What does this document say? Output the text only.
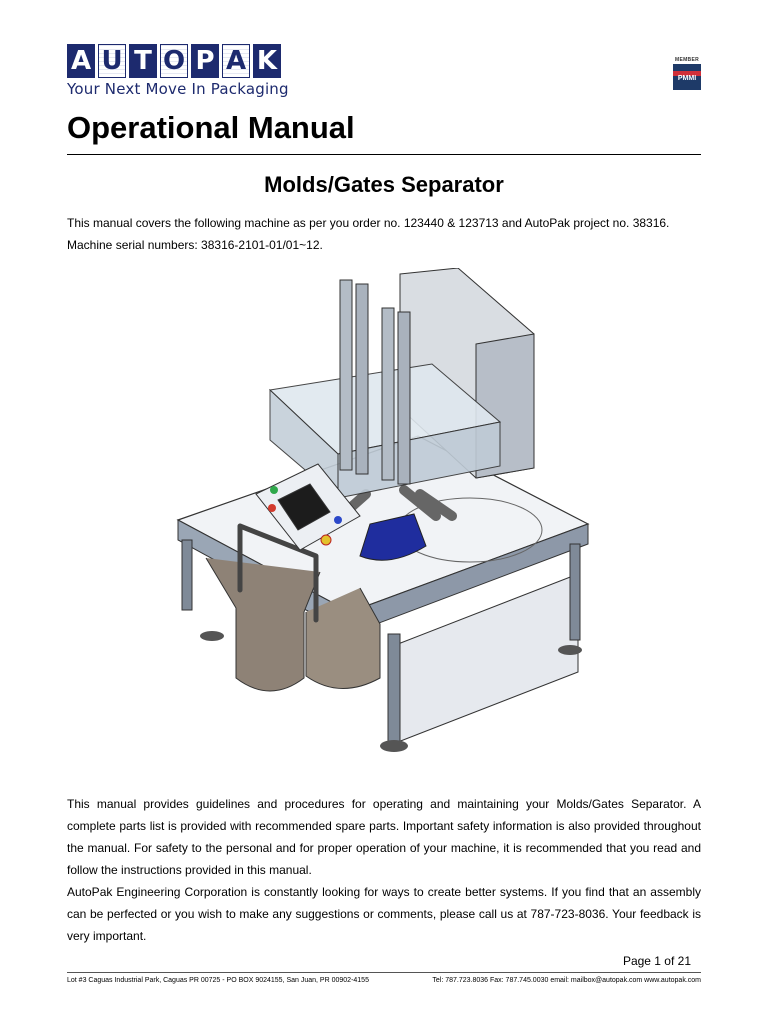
A U T O P A K
Your Next Move In Packaging
MEMBER
PMMI
Operational Manual
Molds/Gates Separator

This manual covers the following machine as per you order no. 123440 & 123713 and AutoPak project no. 38316.

Machine serial numbers: 38316-2101-01/01~12.

This manual provides guidelines and procedures for operating and maintaining your Molds/Gates Separator. A complete parts list is provided with recommended spare parts. Important safety information is also provided throughout the manual. For safety to the personal and for proper operation of your machine, it is recommended that you read and follow the instructions provided in this manual.

AutoPak Engineering Corporation is constantly looking for ways to create better systems. If you find that an assembly can be perfected or you wish to make any suggestions or comments, please call us at 787-723-8036. Your feedback is very important.

Page 1 of 21
Lot #3 Caguas Industrial Park, Caguas PR 00725 - PO BOX 9024155, San Juan, PR 00902-4155	Tel: 787.723.8036 Fax: 787.745.0030 email: mailbox@autopak.com www.autopak.com
